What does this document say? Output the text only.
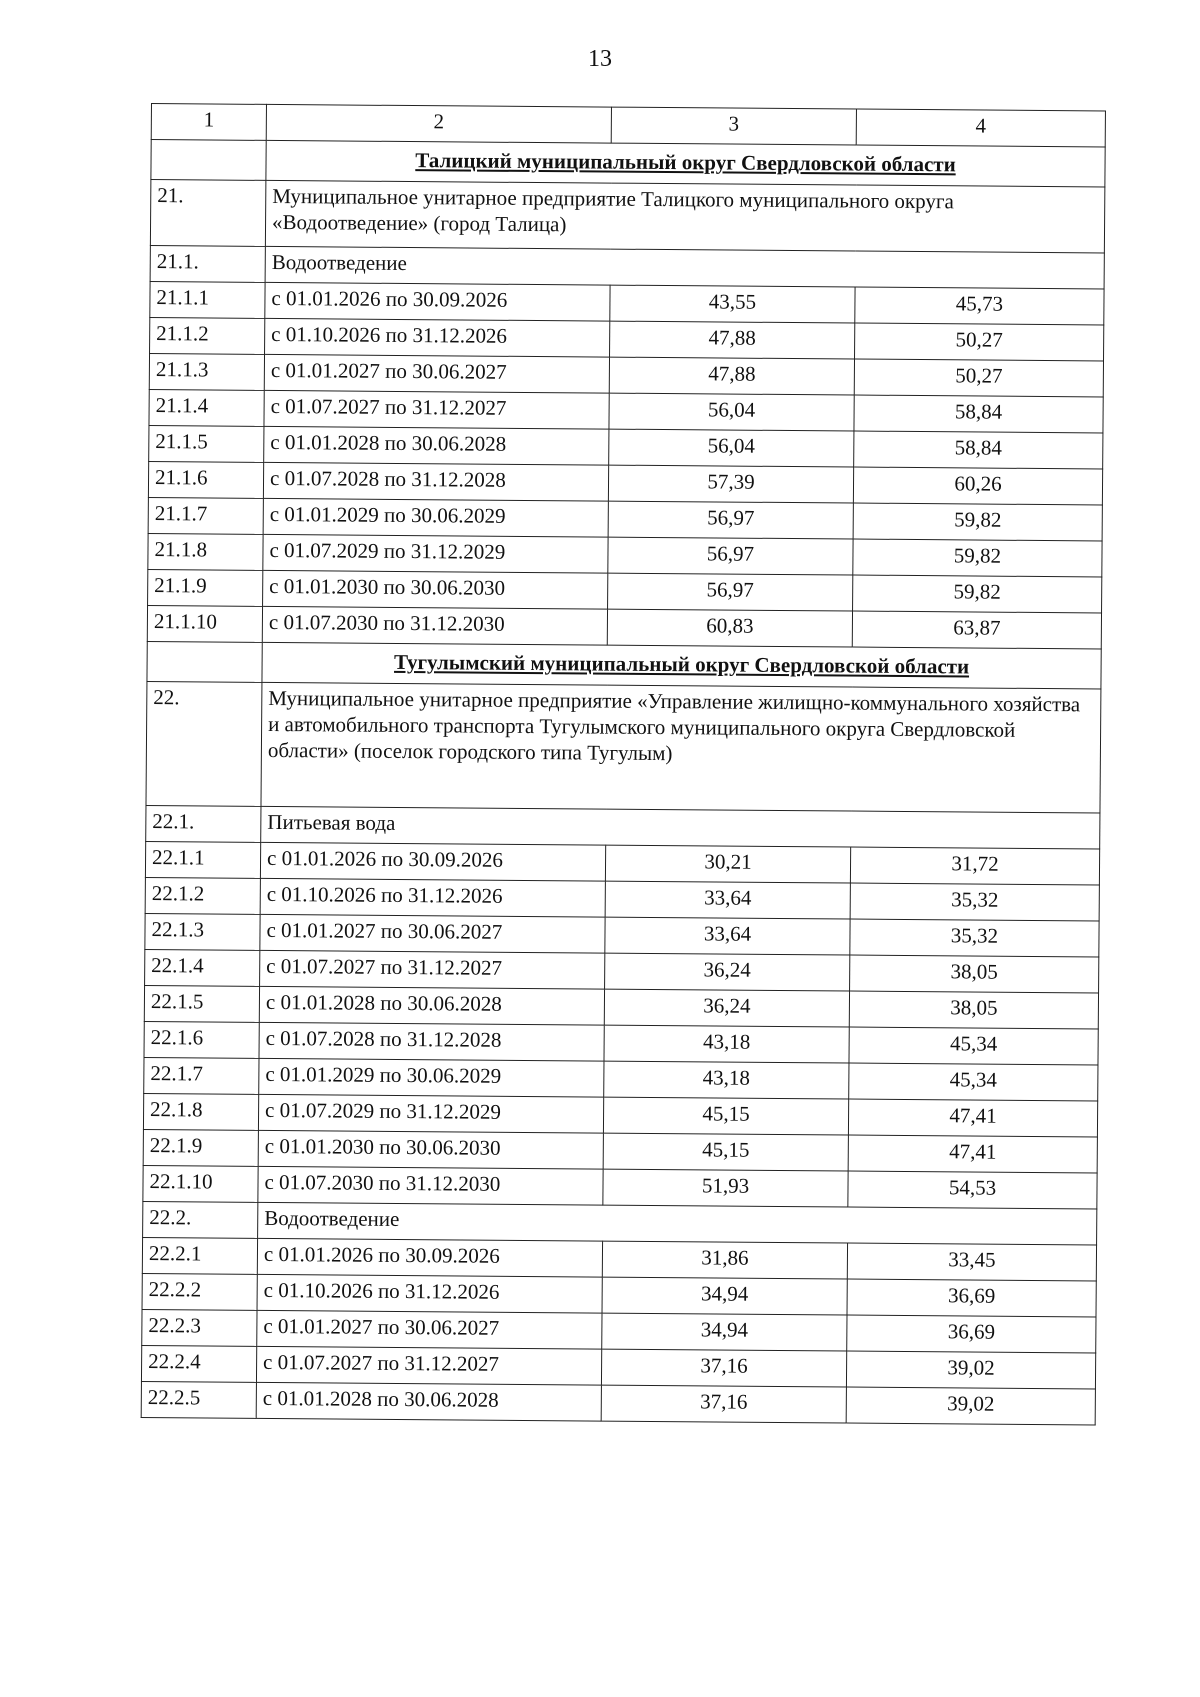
13
1	2	3	4
	Талицкий муниципальный округ Свердловской области		
21.	Муниципальное унитарное предприятие Талицкого муниципального округа «Водоотведение» (город Талица)		
21.1.	Водоотведение		
21.1.1	с 01.01.2026 по 30.09.2026	43,55	45,73
21.1.2	с 01.10.2026 по 31.12.2026	47,88	50,27
21.1.3	с 01.01.2027 по 30.06.2027	47,88	50,27
21.1.4	с 01.07.2027 по 31.12.2027	56,04	58,84
21.1.5	с 01.01.2028 по 30.06.2028	56,04	58,84
21.1.6	с 01.07.2028 по 31.12.2028	57,39	60,26
21.1.7	с 01.01.2029 по 30.06.2029	56,97	59,82
21.1.8	с 01.07.2029 по 31.12.2029	56,97	59,82
21.1.9	с 01.01.2030 по 30.06.2030	56,97	59,82
21.1.10	с 01.07.2030 по 31.12.2030	60,83	63,87
	Тугулымский муниципальный округ Свердловской области		
22.	Муниципальное унитарное предприятие «Управление жилищно-коммунального хозяйства и автомобильного транспорта Тугулымского муниципального округа Свердловской области» (поселок городского типа Тугулым)		
22.1.	Питьевая вода		
22.1.1	с 01.01.2026 по 30.09.2026	30,21	31,72
22.1.2	с 01.10.2026 по 31.12.2026	33,64	35,32
22.1.3	с 01.01.2027 по 30.06.2027	33,64	35,32
22.1.4	с 01.07.2027 по 31.12.2027	36,24	38,05
22.1.5	с 01.01.2028 по 30.06.2028	36,24	38,05
22.1.6	с 01.07.2028 по 31.12.2028	43,18	45,34
22.1.7	с 01.01.2029 по 30.06.2029	43,18	45,34
22.1.8	с 01.07.2029 по 31.12.2029	45,15	47,41
22.1.9	с 01.01.2030 по 30.06.2030	45,15	47,41
22.1.10	с 01.07.2030 по 31.12.2030	51,93	54,53
22.2.	Водоотведение		
22.2.1	с 01.01.2026 по 30.09.2026	31,86	33,45
22.2.2	с 01.10.2026 по 31.12.2026	34,94	36,69
22.2.3	с 01.01.2027 по 30.06.2027	34,94	36,69
22.2.4	с 01.07.2027 по 31.12.2027	37,16	39,02
22.2.5	с 01.01.2028 по 30.06.2028	37,16	39,02
